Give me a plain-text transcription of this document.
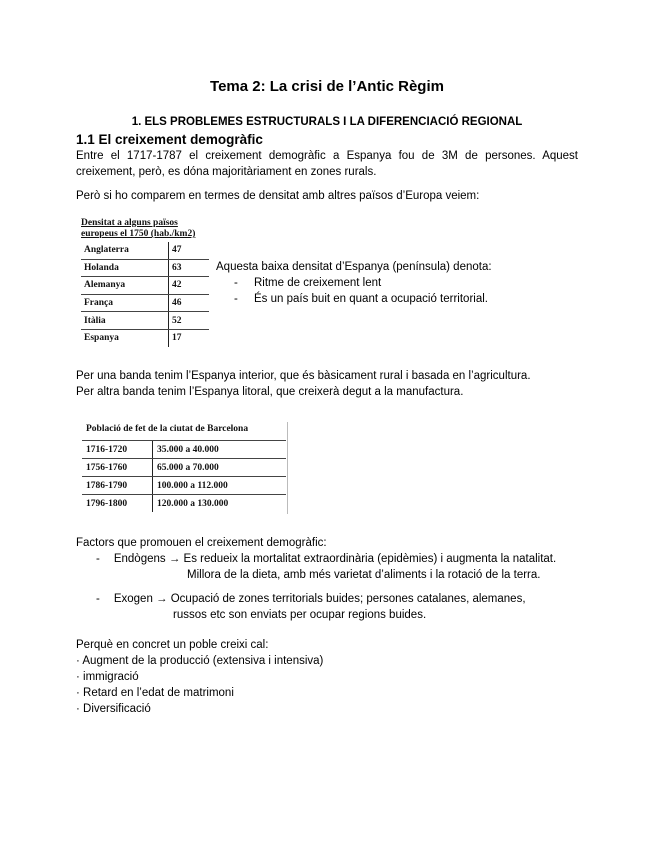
Tema 2: La crisi de l’Antic Règim
1. ELS PROBLEMES ESTRUCTURALS I LA DIFERENCIACIÓ REGIONAL
1.1 El creixement demogràfic
Entre el 1717-1787 el creixement demogràfic a Espanya fou de 3M de persones. Aquest creixement, però, es dóna majoritàriament en zones rurals.
Però si ho comparem en termes de densitat amb altres països d’Europa veiem:
Densitat a alguns països
europeus el 1750 (hab./km2)
Anglaterra	47
Holanda	63
Alemanya	42
França	46
Itàlia	52
Espanya	17
Aquesta baixa densitat d’Espanya (península) denota:
- Ritme de creixement lent
- És un país buit en quant a ocupació territorial.
Per una banda tenim l’Espanya interior, que és bàsicament rural i basada en l’agricultura.
Per altra banda tenim l’Espanya litoral, que creixerà degut a la manufactura.
Població de fet de la ciutat de Barcelona
1716-1720	35.000 a 40.000
1756-1760	65.000 a 70.000
1786-1790	100.000 a 112.000
1796-1800	120.000 a 130.000
Factors que promouen el creixement demogràfic:
- Endògens → Es redueix la mortalitat extraordinària (epidèmies) i augmenta la natalitat.
Millora de la dieta, amb més varietat d’aliments i la rotació de la terra.
- Exogen → Ocupació de zones territorials buides; persones catalanes, alemanes,
russos etc son enviats per ocupar regions buides.
Perquè en concret un poble creixi cal:
· Augment de la producció (extensiva i intensiva)
· immigració
· Retard en l’edat de matrimoni
· Diversificació
